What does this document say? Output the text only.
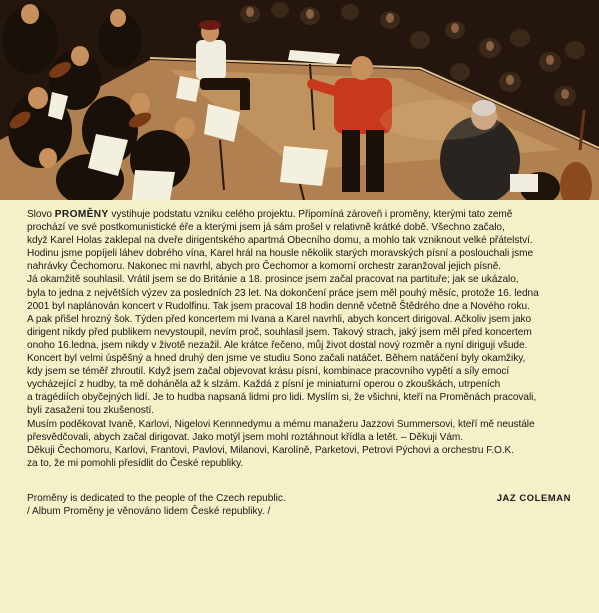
Slovo PROMĚNY vystihuje podstatu vzniku celého projektu. Připomíná zároveň i proměny, kterými tato země

prochází ve své postkomunistické éře a kterými jsem já sám prošel v relativně krátké době. Všechno začalo,

když Karel Holas zaklepal na dveře dirigentského apartmá Obecního domu, a mohlo tak vzniknout velké přátelství.

Hodinu jsme popíjeli láhev dobrého vína, Karel hrál na housle několik starých moravských písní a poslouchali jsme

nahrávky Čechomoru. Nakonec mi navrhl, abych pro Čechomor a komorní orchestr zaranžoval jejich písně.

Já okamžitě souhlasil. Vrátil jsem se do Británie a 18. prosince jsem začal pracovat na partituře; jak se ukázalo,

byla to jedna z největších výzev za posledních 23 let. Na dokončení práce jsem měl pouhý měsíc, protože 16. ledna

2001 byl naplánován koncert v Rudolfinu. Tak jsem pracoval 18 hodin denně včetně Štědrého dne a Nového roku.

A pak přišel hrozný šok. Týden před koncertem mi Ivana a Karel navrhli, abych koncert dirigoval. Ačkoliv jsem jako

dirigent nikdy před publikem nevystoupil, nevím proč, souhlasil jsem. Takový strach, jaký jsem měl před koncertem

onoho 16.ledna, jsem nikdy v životě nezažil. Ale krátce řečeno, můj život dostal nový rozměr a nyní diriguji všude.

Koncert byl velmi úspěšný a hned druhý den jsme ve studiu Sono začali natáčet. Během natáčení byly okamžiky,

kdy jsem se téměř zhroutil. Když jsem začal objevovat krásu písní, kombinace pracovního vypětí a síly emocí

vycházející z hudby, ta mě doháněla až k slzám. Každá z písní je miniaturní operou o zkouškách, utrpeních

a tragédiích obyčejných lidí. Je to hudba napsaná lidmi pro lidi. Myslím si, že všichni, kteří na Proměnách pracovali,

byli zasaženi tou zkušeností.

Musím poděkovat Ivaně, Karlovi, Nigelovi Kennnedymu a mému manažeru Jazzovi Summersovi, kteří mě neustále

přesvědčovali, abych začal dirigovat. Jako motýl jsem mohl roztáhnout křídla a letět. – Děkuji Vám.

Děkuji Čechomoru, Karlovi, Frantovi, Pavlovi, Milanovi, Karolíně, Parketovi, Petrovi Pýchovi a orchestru F.O.K.

za to, že mi pomohli přesídlit do České republiky.

Proměny is dedicated to the people of the Czech republic.

/ Album Proměny je věnováno lidem České republiky. /

JAZ COLEMAN
